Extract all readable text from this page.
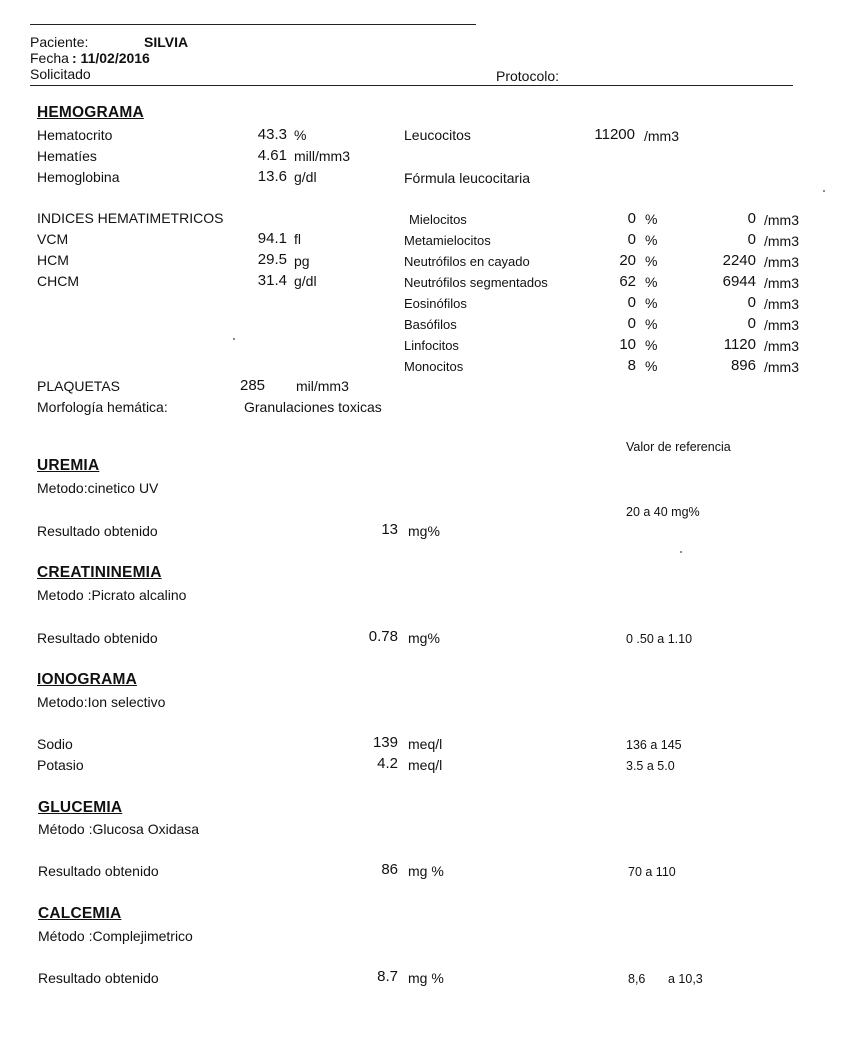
Paciente:	SILVIA
Fecha : 11/02/2016
Solicitado	Protocolo:
HEMOGRAMA
Hematocrito	43.3 %
Hematíes	4.61 mill/mm3
Hemoglobina	13.6 g/dl
Leucocitos	11200 /mm3
Fórmula leucocitaria
INDICES HEMATIMETRICOS
VCM	94.1 fl
HCM	29.5 pg
CHCM	31.4 g/dl
Mielocitos	0 %	0 /mm3
Metamielocitos	0 %	0 /mm3
Neutrófilos en cayado	20 %	2240 /mm3
Neutrófilos segmentados	62 %	6944 /mm3
Eosinófilos	0 %	0 /mm3
Basófilos	0 %	0 /mm3
Linfocitos	10 %	1120 /mm3
Monocitos	8 %	896 /mm3
PLAQUETAS	285 mil/mm3
Morfología hemática:	Granulaciones toxicas
Valor de referencia
UREMIA
Metodo:cinetico UV
20 a 40 mg%
Resultado obtenido	13 mg%
CREATININEMIA
Metodo :Picrato alcalino
Resultado obtenido	0.78 mg%	0 .50 a 1.10
IONOGRAMA
Metodo:Ion selectivo
Sodio	139 meq/l	136 a 145
Potasio	4.2 meq/l	3.5 a 5.0
GLUCEMIA
Método :Glucosa Oxidasa
Resultado obtenido	86 mg %	70 a 110
CALCEMIA
Método :Complejimetrico
Resultado obtenido	8.7 mg %	8,6 a 10,3
